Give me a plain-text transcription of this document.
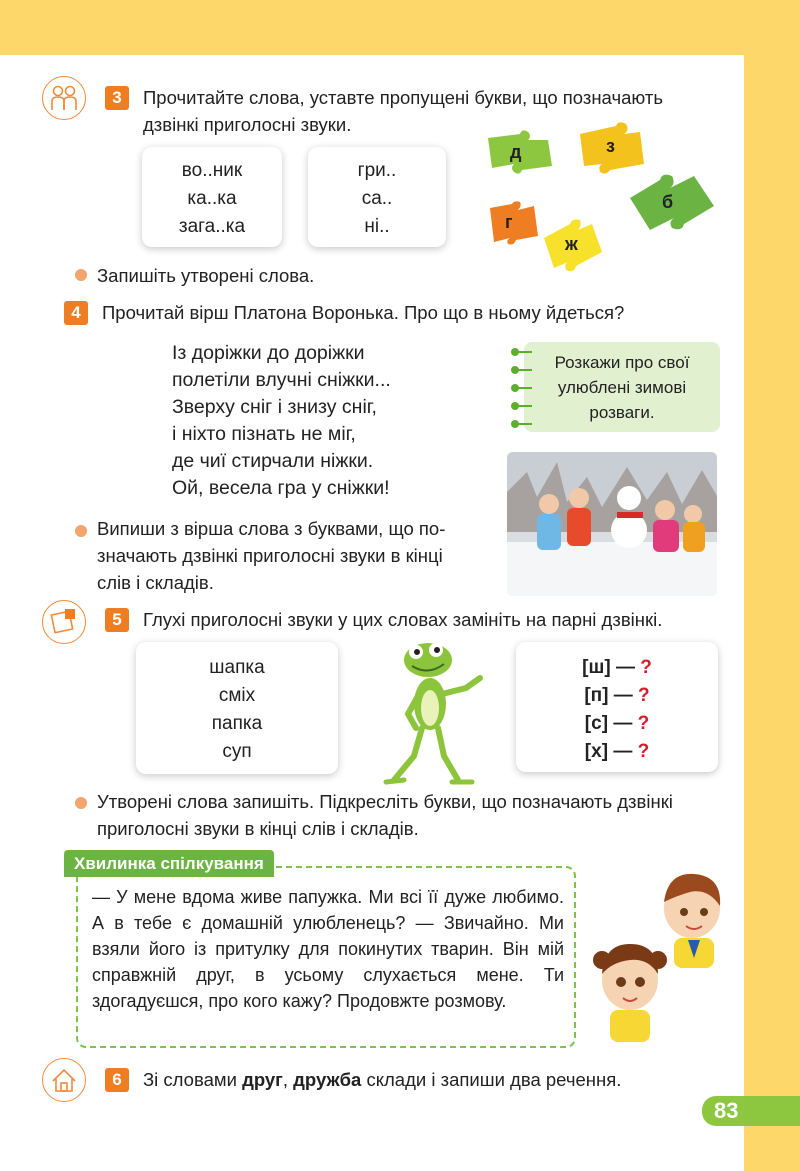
3	Прочитайте слова, уставте пропущені букви, що позначають
дзвінкі приголосні звуки.
во..ник
ка..ка
зага..ка
гри..
са..
ні..
д	з
б
г
ж
Запишіть утворені слова.
4	Прочитай вірш Платона Воронька. Про що в ньому йдеться?
Із доріжки до доріжки
полетіли влучні сніжки...
Зверху сніг і знизу сніг,
і ніхто пізнать не міг,
де чиї стирчали ніжки.
Ой, весела гра у сніжки!
Розкажи про свої
улюблені зимові
розваги.
Випиши з вірша слова з буквами, що по-
значають дзвінкі приголосні звуки в кінці
слів і складів.
5	Глухі приголосні звуки у цих словах замініть на парні дзвінкі.
шапка
сміх
папка
суп
[ш] — ?
[п] — ?
[с] — ?
[х] — ?
Утворені слова запишіть. Підкресліть букви, що позначають дзвінкі
приголосні звуки в кінці слів і складів.
Хвилинка спілкування
— У мене вдома живе папужка. Ми всі її дуже любимо. А в тебе є домашній улюбленець? — Звичайно. Ми взяли його із притулку для покинутих тварин. Він мій справжній друг, в усьому слухається мене. Ти здогадуєшся, про кого кажу? Продовжте розмову.
6	Зі словами друг, дружба склади і запиши два речення.
83
